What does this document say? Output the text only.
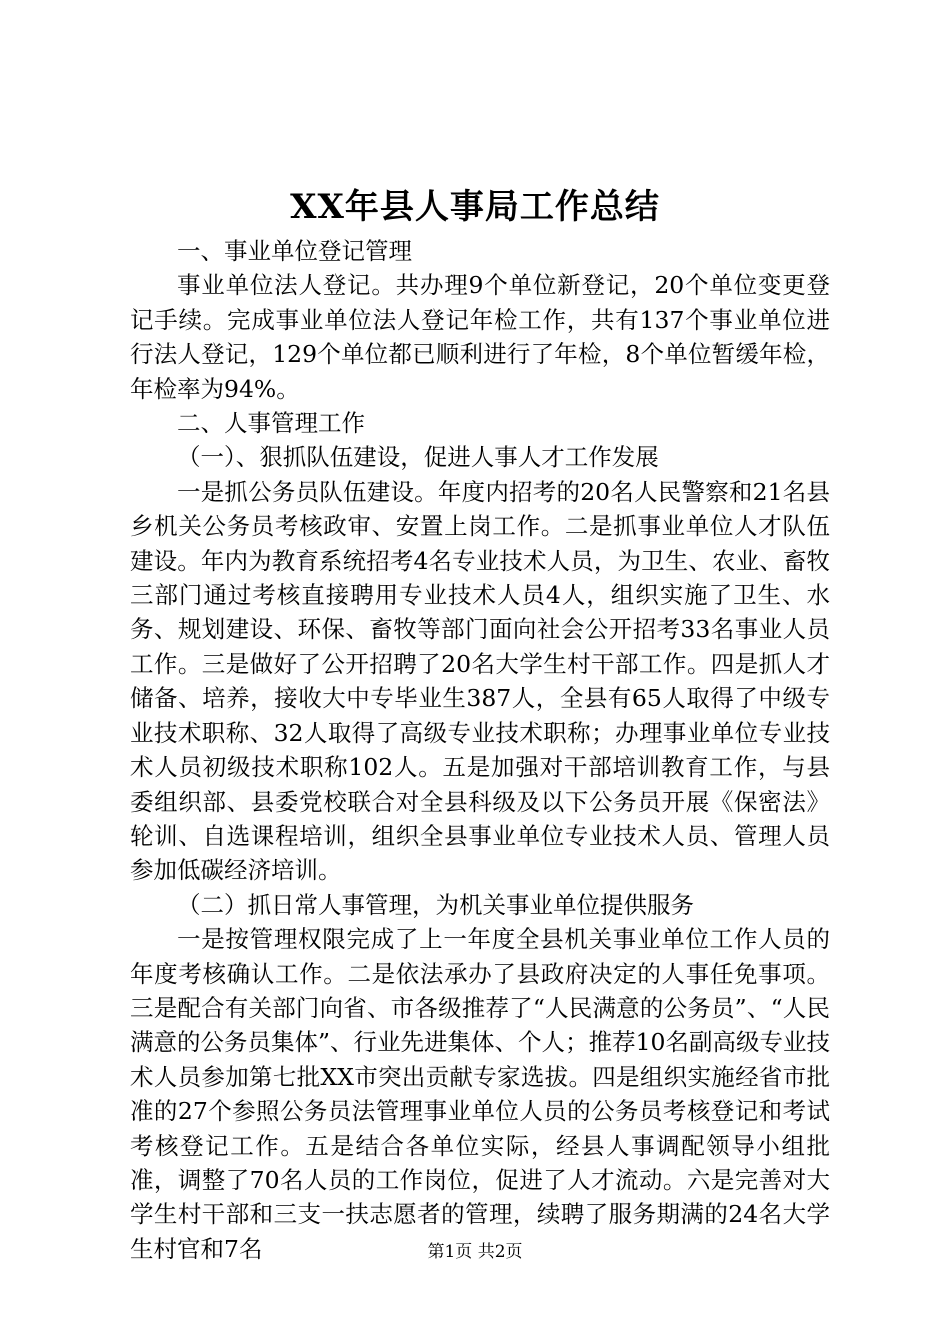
XX年县人事局工作总结

一、事业单位登记管理

事业单位法人登记。共办理9个单位新登记，20个单位变更登记手续。完成事业单位法人登记年检工作，共有137个事业单位进行法人登记，129个单位都已顺利进行了年检，8个单位暂缓年检，年检率为94%。

二、人事管理工作

（一）、狠抓队伍建设，促进人事人才工作发展

一是抓公务员队伍建设。年度内招考的20名人民警察和21名县乡机关公务员考核政审、安置上岗工作。二是抓事业单位人才队伍建设。年内为教育系统招考4名专业技术人员，为卫生、农业、畜牧三部门通过考核直接聘用专业技术人员4人，组织实施了卫生、水务、规划建设、环保、畜牧等部门面向社会公开招考33名事业人员工作。三是做好了公开招聘了20名大学生村干部工作。四是抓人才储备、培养，接收大中专毕业生387人，全县有65人取得了中级专业技术职称、32人取得了高级专业技术职称；办理事业单位专业技术人员初级技术职称102人。五是加强对干部培训教育工作，与县委组织部、县委党校联合对全县科级及以下公务员开展《保密法》轮训、自选课程培训，组织全县事业单位专业技术人员、管理人员参加低碳经济培训。

（二）抓日常人事管理，为机关事业单位提供服务

一是按管理权限完成了上一年度全县机关事业单位工作人员的年度考核确认工作。二是依法承办了县政府决定的人事任免事项。三是配合有关部门向省、市各级推荐了“人民满意的公务员”、“人民满意的公务员集体”、行业先进集体、个人；推荐10名副高级专业技术人员参加第七批XX市突出贡献专家选拔。四是组织实施经省市批准的27个参照公务员法管理事业单位人员的公务员考核登记和考试考核登记工作。五是结合各单位实际，经县人事调配领导小组批准，调整了70名人员的工作岗位，促进了人才流动。六是完善对大学生村干部和三支一扶志愿者的管理，续聘了服务期满的24名大学生村官和7名	第1页 共2页
